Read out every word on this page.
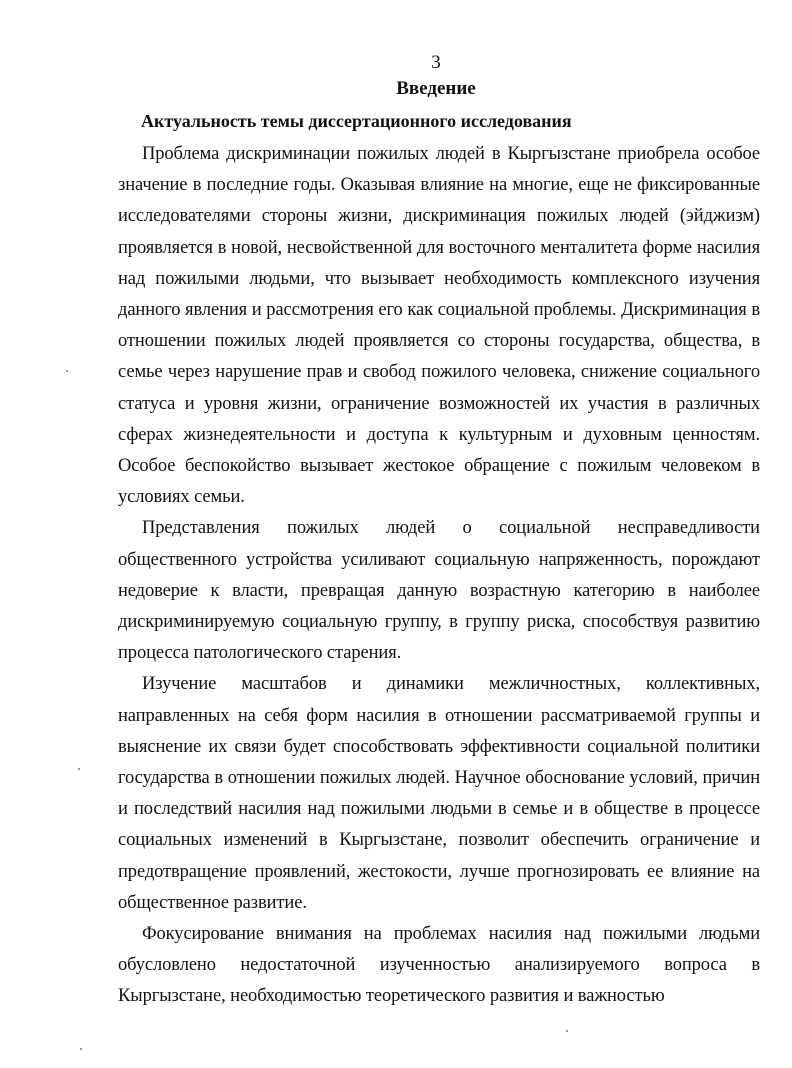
3
Введение
Актуальность темы диссертационного исследования

Проблема дискриминации пожилых людей в Кыргызстане приобрела особое значение в последние годы. Оказывая влияние на многие, еще не фиксированные исследователями стороны жизни, дискриминация пожилых людей (эйджизм) проявляется в новой, несвойственной для восточного менталитета форме насилия над пожилыми людьми, что вызывает необходимость комплексного изучения данного явления и рассмотрения его как социальной проблемы. Дискриминация в отношении пожилых людей проявляется со стороны государства, общества, в семье через нарушение прав и свобод пожилого человека, снижение социального статуса и уровня жизни, ограничение возможностей их участия в различных сферах жизнедеятельности и доступа к культурным и духовным ценностям. Особое беспокойство вызывает жестокое обращение с пожилым человеком в условиях семьи.

Представления пожилых людей о социальной несправедливости общественного устройства усиливают социальную напряженность, порождают недоверие к власти, превращая данную возрастную категорию в наиболее дискриминируемую социальную группу, в группу риска, способствуя развитию процесса патологического старения.

Изучение масштабов и динамики межличностных, коллективных, направленных на себя форм насилия в отношении рассматриваемой группы и выяснение их связи будет способствовать эффективности социальной политики государства в отношении пожилых людей. Научное обоснование условий, причин и последствий насилия над пожилыми людьми в семье и в обществе в процессе социальных изменений в Кыргызстане, позволит обеспечить ограничение и предотвращение проявлений, жестокости, лучше прогнозировать ее влияние на общественное развитие.

Фокусирование внимания на проблемах насилия над пожилыми людьми обусловлено недостаточной изученностью анализируемого вопроса в Кыргызстане, необходимостью теоретического развития и важностью
